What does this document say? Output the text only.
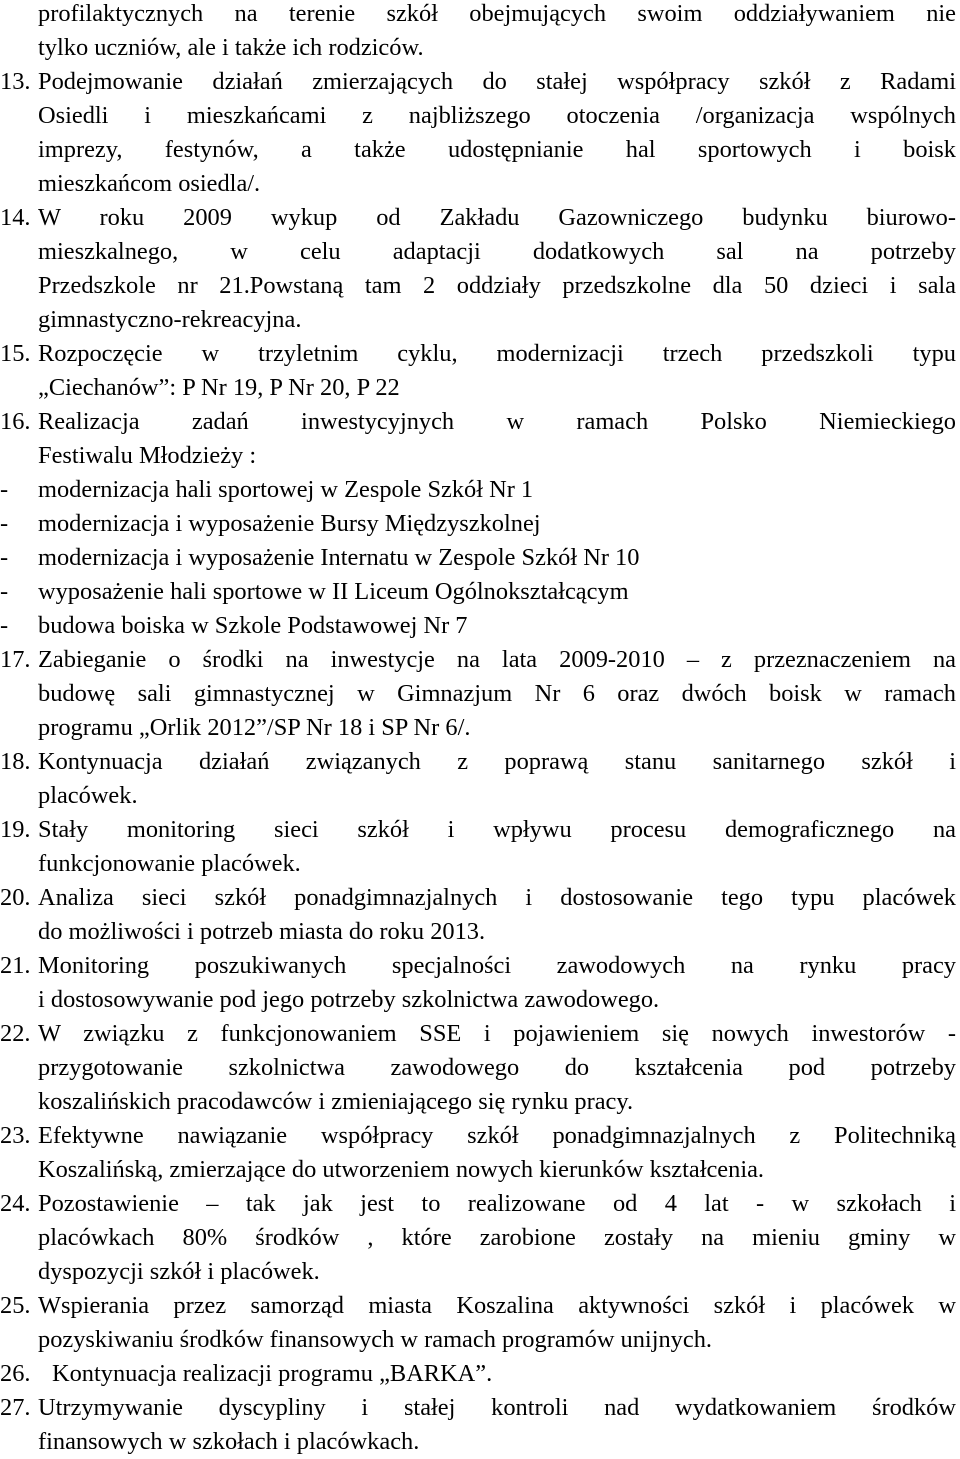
profilaktycznych na terenie szkół obejmujących swoim oddziaływaniem nie
tylko uczniów, ale i także ich rodziców.
13. Podejmowanie działań zmierzających do stałej współpracy szkół z Radami
Osiedli i mieszkańcami z najbliższego otoczenia /organizacja wspólnych
imprezy, festynów, a także udostępnianie hal sportowych i boisk
mieszkańcom osiedla/.
14. W roku 2009 wykup od Zakładu Gazowniczego budynku biurowo-
mieszkalnego, w celu adaptacji dodatkowych sal na potrzeby
Przedszkole nr 21.Powstaną tam 2 oddziały przedszkolne dla 50 dzieci i sala
gimnastyczno-rekreacyjna.
15. Rozpoczęcie w trzyletnim cyklu, modernizacji trzech przedszkoli typu
„Ciechanów”: P Nr 19, P Nr 20, P 22
16. Realizacja zadań inwestycyjnych w ramach Polsko Niemieckiego
Festiwalu Młodzieży :
- modernizacja hali sportowej w Zespole Szkół Nr 1
- modernizacja i wyposażenie Bursy Międzyszkolnej
- modernizacja i wyposażenie Internatu w Zespole Szkół Nr 10
- wyposażenie hali sportowe w II Liceum Ogólnokształcącym
- budowa boiska w Szkole Podstawowej Nr 7
17. Zabieganie o środki na inwestycje na lata 2009-2010 – z przeznaczeniem na
budowę sali gimnastycznej w Gimnazjum Nr 6 oraz dwóch boisk w ramach
programu „Orlik 2012”/SP Nr 18 i SP Nr 6/.
18. Kontynuacja działań związanych z poprawą stanu sanitarnego szkół i
placówek.
19. Stały monitoring sieci szkół i wpływu procesu demograficznego na
funkcjonowanie placówek.
20. Analiza sieci szkół ponadgimnazjalnych i dostosowanie tego typu placówek
do możliwości i potrzeb miasta do roku 2013.
21. Monitoring poszukiwanych specjalności zawodowych na rynku pracy
i dostosowywanie pod jego potrzeby szkolnictwa zawodowego.
22. W związku z funkcjonowaniem SSE i pojawieniem się nowych inwestorów -
przygotowanie szkolnictwa zawodowego do kształcenia pod potrzeby
koszalińskich pracodawców i zmieniającego się rynku pracy.
23. Efektywne nawiązanie współpracy szkół ponadgimnazjalnych z Politechniką
Koszalińską, zmierzające do utworzeniem nowych kierunków kształcenia.
24. Pozostawienie – tak jak jest to realizowane od 4 lat - w szkołach i
placówkach 80% środków , które zarobione zostały na mieniu gminy w
dyspozycji szkół i placówek.
25. Wspierania przez samorząd miasta Koszalina aktywności szkół i placówek w
pozyskiwaniu środków finansowych w ramach programów unijnych.
26. Kontynuacja realizacji programu „BARKA”.
27. Utrzymywanie dyscypliny i stałej kontroli nad wydatkowaniem środków
finansowych w szkołach i placówkach.
